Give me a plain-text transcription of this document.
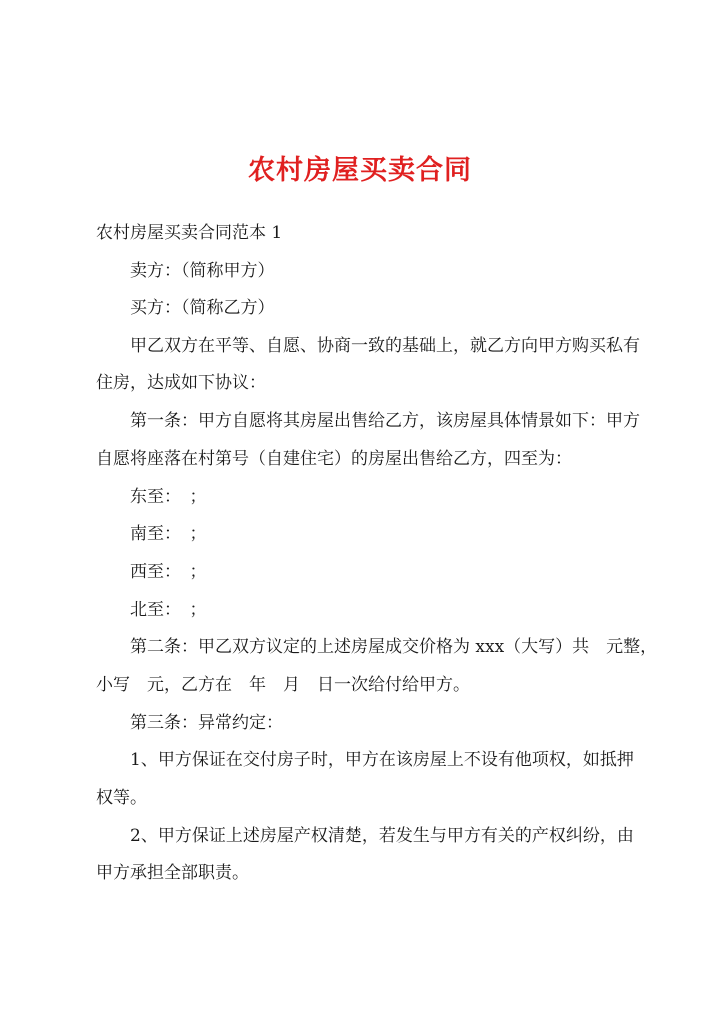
农村房屋买卖合同
农村房屋买卖合同范本 1
卖方：（简称甲方）
买方：（简称乙方）
甲乙双方在平等、自愿、协商一致的基础上，就乙方向甲方购买私有
住房，达成如下协议：
第一条：甲方自愿将其房屋出售给乙方，该房屋具体情景如下：甲方
自愿将座落在村第号（自建住宅）的房屋出售给乙方，四至为：
东至：　；
南至：　；
西至：　；
北至：　；
第二条：甲乙双方议定的上述房屋成交价格为 xxx（大写）共　元整，
小写　元，乙方在　年　月　日一次给付给甲方。
第三条：异常约定：
1、甲方保证在交付房子时，甲方在该房屋上不设有他项权，如抵押
权等。
2、甲方保证上述房屋产权清楚，若发生与甲方有关的产权纠纷，由
甲方承担全部职责。
